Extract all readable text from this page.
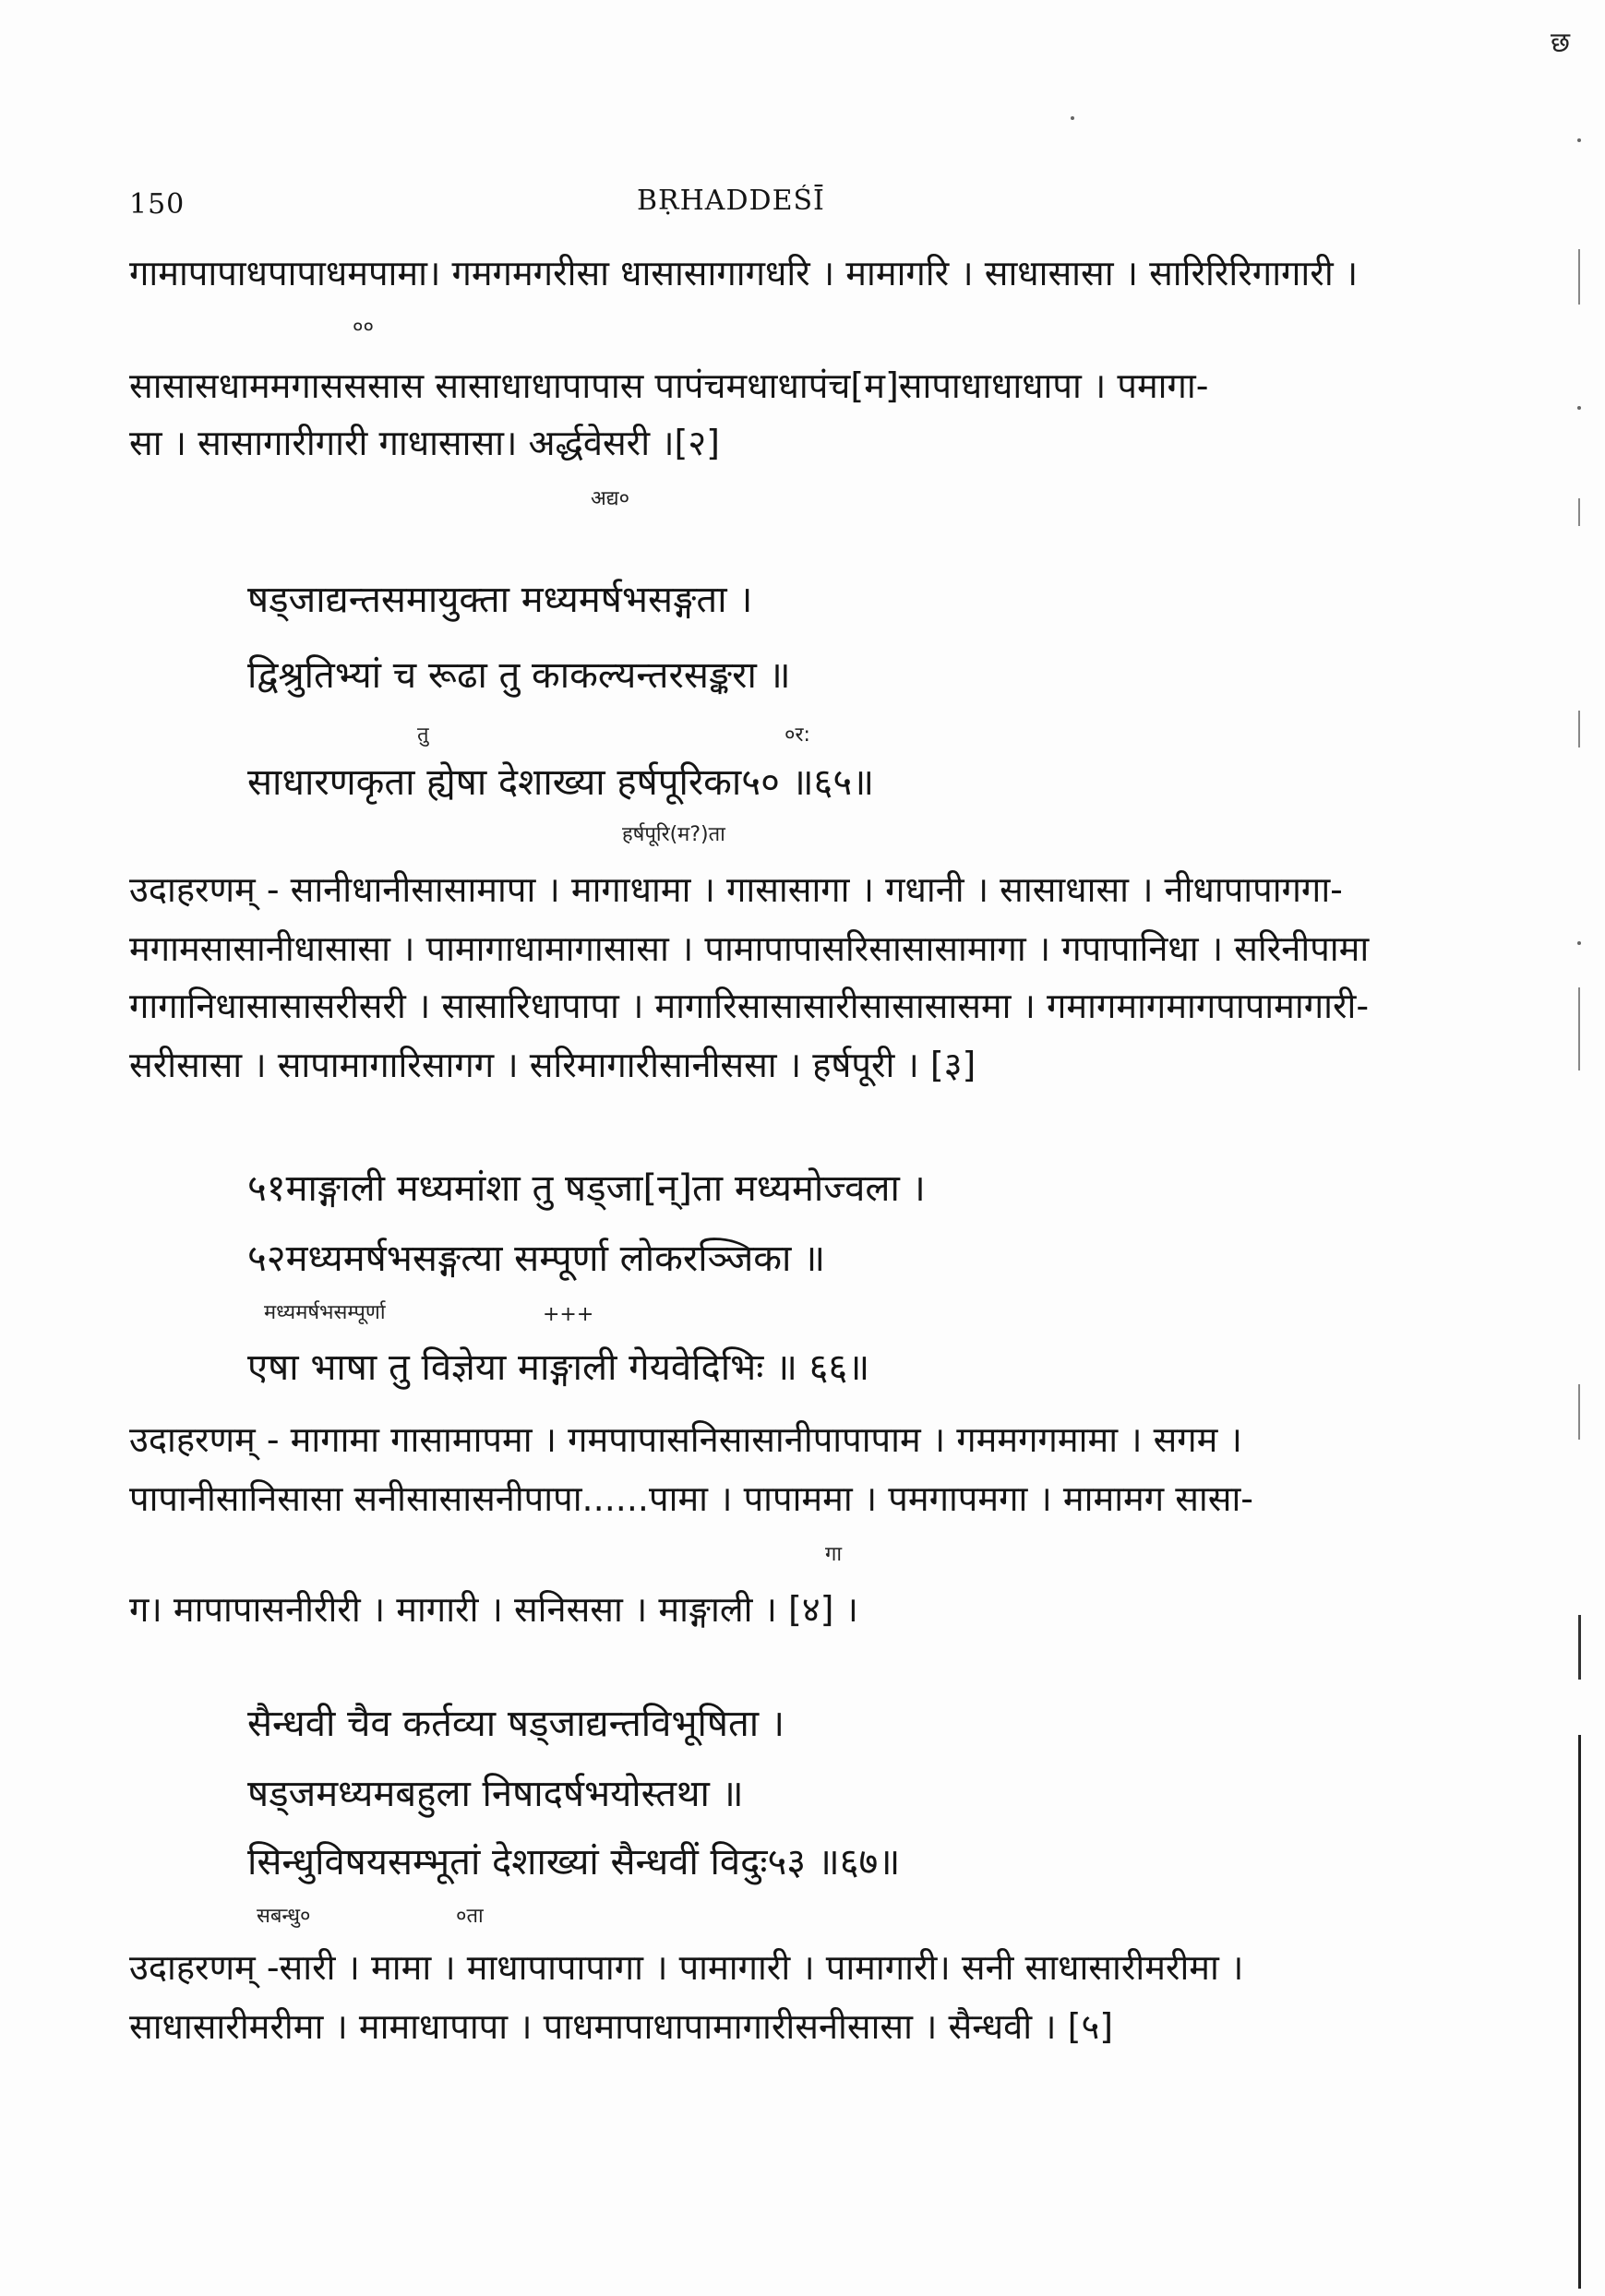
150	BṚHADDEŚĪ
छ
गामापापाधपापाधमपामा। गमगमगरीसा धासासागागधरि । मामागरि । साधासासा । सारिरिरिगागारी ।
००
सासासधाममगासससास सासाधाधापापास पापंचमधाधापंच[म]सापाधाधाधापा । पमागा-
सा । सासागारीगारी गाधासासा। अर्द्धवेसरी ।[२]
अद्य०
षड्जाद्यन्तसमायुक्ता मध्यमर्षभसङ्गता ।
द्विश्रुतिभ्यां च रूढा तु काकल्यन्तरसङ्करा ॥
तु	०र:
साधारणकृता ह्येषा देशाख्या हर्षपूरिका५० ॥६५॥
हर्षपूरि(म?)ता
उदाहरणम् - सानीधानीसासामापा । मागाधामा । गासासागा । गधानी । सासाधासा । नीधापापागगा-
मगामसासानीधासासा । पामागाधामागासासा । पामापापासरिसासासामागा । गपापानिधा । सरिनीपामा
गागानिधासासासरीसरी । सासारिधापापा । मागारिसासासारीसासासासमा । गमागमागमागपापामागारी-
सरीसासा । सापामागारिसागग । सरिमागारीसानीससा । हर्षपूरी । [३]
५१माङ्गाली मध्यमांशा तु षड्जा[न्]ता मध्यमोज्वला ।
५२मध्यमर्षभसङ्गत्या सम्पूर्णा लोकरञ्जिका ॥
मध्यमर्षभसम्पूर्णा	+++
एषा भाषा तु विज्ञेया माङ्गाली गेयवेदिभिः ॥ ६६॥
उदाहरणम् - मागामा गासामापमा । गमपापासनिसासानीपापापाम । गममगगमामा । सगम ।
पापानीसानिसासा सनीसासासनीपापा......पामा । पापाममा । पमगापमगा । मामामग सासा-
गा
ग। मापापासनीरीरी । मागारी । सनिससा । माङ्गाली । [४] ।
सैन्धवी चैव कर्तव्या षड्जाद्यन्तविभूषिता ।
षड्जमध्यमबहुला निषादर्षभयोस्तथा ॥
सिन्धुविषयसम्भूतां देशाख्यां सैन्धवीं विदुः५३ ॥६७॥
सबन्धु०	०ता
उदाहरणम् -सारी । मामा । माधापापापागा । पामागारी । पामागारी। सनी साधासारीमरीमा ।
साधासारीमरीमा । मामाधापापा । पाधमापाधापामागारीसनीसासा । सैन्धवी । [५]
